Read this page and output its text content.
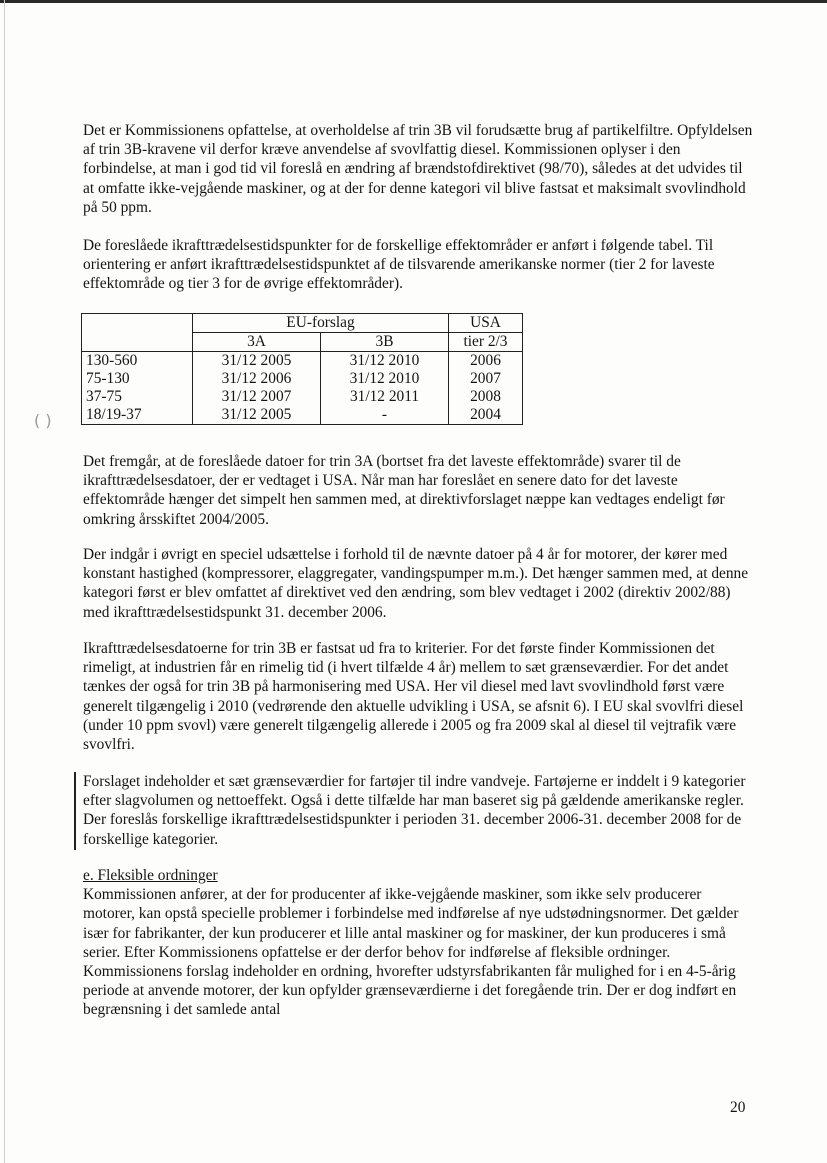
( )

Det er Kommissionens opfattelse, at overholdelse af trin 3B vil forudsætte brug af partikelfiltre. Opfyldelsen af trin 3B-kravene vil derfor kræve anvendelse af svovlfattig diesel. Kommissionen oplyser i den forbindelse, at man i god tid vil foreslå en ændring af brændstofdirektivet (98/70), således at det udvides til at omfatte ikke-vejgående maskiner, og at der for denne kategori vil blive fastsat et maksimalt svovlindhold på 50 ppm.

De foreslåede ikrafttrædelsestidspunkter for de forskellige effektområder er anført i følgende tabel. Til orientering er anført ikrafttrædelsestidspunktet af de tilsvarende amerikanske normer (tier 2 for laveste effektområde og tier 3 for de øvrige effektområder).

	EU-forslag		USA
	3A	3B	tier 2/3
130-560	31/12 2005	31/12 2010	2006
75-130	31/12 2006	31/12 2010	2007
37-75	31/12 2007	31/12 2011	2008
18/19-37	31/12 2005	-	2004

Det fremgår, at de foreslåede datoer for trin 3A (bortset fra det laveste effektområde) svarer til de ikrafttrædelsesdatoer, der er vedtaget i USA. Når man har foreslået en senere dato for det laveste effektområde hænger det simpelt hen sammen med, at direktivforslaget næppe kan vedtages endeligt før omkring årsskiftet 2004/2005.

Der indgår i øvrigt en speciel udsættelse i forhold til de nævnte datoer på 4 år for motorer, der kører med konstant hastighed (kompressorer, elaggregater, vandingspumper m.m.). Det hænger sammen med, at denne kategori først er blev omfattet af direktivet ved den ændring, som blev vedtaget i 2002 (direktiv 2002/88) med ikrafttrædelsestidspunkt 31. december 2006.

Ikrafttrædelsesdatoerne for trin 3B er fastsat ud fra to kriterier. For det første finder Kommissionen det rimeligt, at industrien får en rimelig tid (i hvert tilfælde 4 år) mellem to sæt grænseværdier. For det andet tænkes der også for trin 3B på harmonisering med USA. Her vil diesel med lavt svovlindhold først være generelt tilgængelig i 2010 (vedrørende den aktuelle udvikling i USA, se afsnit 6). I EU skal svovlfri diesel (under 10 ppm svovl) være generelt tilgængelig allerede i 2005 og fra 2009 skal al diesel til vejtrafik være svovlfri.

Forslaget indeholder et sæt grænseværdier for fartøjer til indre vandveje. Fartøjerne er inddelt i 9 kategorier efter slagvolumen og nettoeffekt. Også i dette tilfælde har man baseret sig på gældende amerikanske regler. Der foreslås forskellige ikrafttrædelsestidspunkter i perioden 31. december 2006-31. december 2008 for de forskellige kategorier.

e. Fleksible ordninger
Kommissionen anfører, at der for producenter af ikke-vejgående maskiner, som ikke selv producerer motorer, kan opstå specielle problemer i forbindelse med indførelse af nye udstødningsnormer. Det gælder især for fabrikanter, der kun producerer et lille antal maskiner og for maskiner, der kun produceres i små serier. Efter Kommissionens opfattelse er der derfor behov for indførelse af fleksible ordninger. Kommissionens forslag indeholder en ordning, hvorefter udstyrsfabrikanten får mulighed for i en 4-5-årig periode at anvende motorer, der kun opfylder grænseværdierne i det foregående trin. Der er dog indført en begrænsning i det samlede antal
20
